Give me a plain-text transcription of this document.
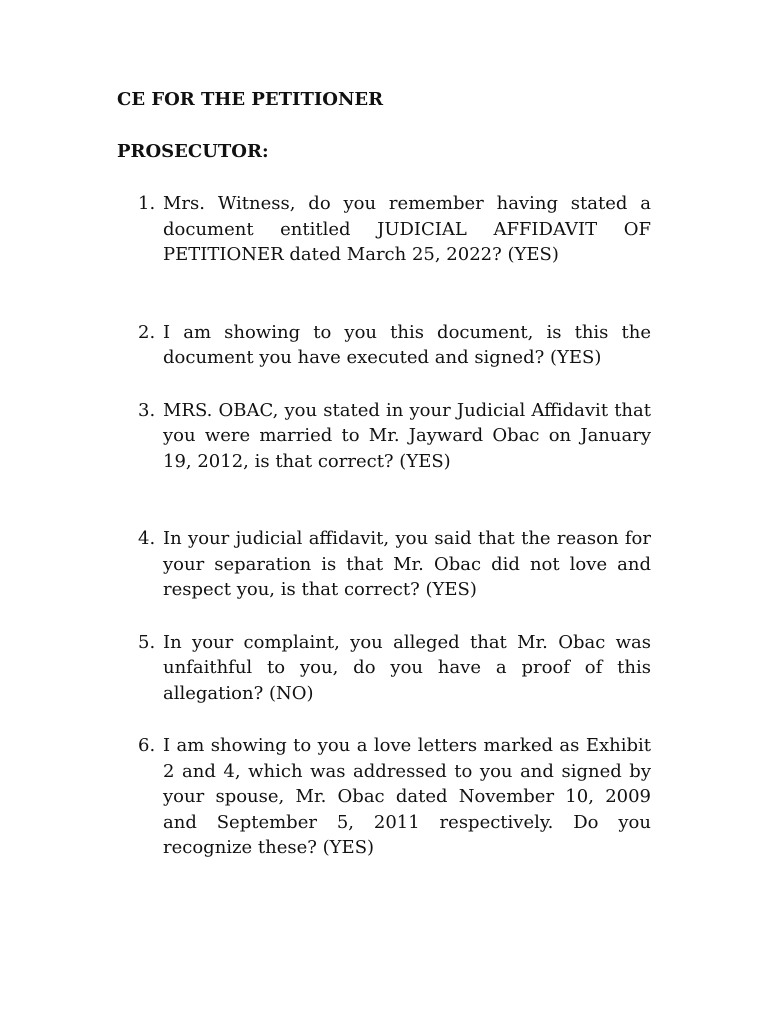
CE FOR THE PETITIONER
PROSECUTOR:
1. Mrs. Witness, do you remember having stated a document entitled JUDICIAL AFFIDAVIT OF PETITIONER dated March 25, 2022? (YES)
2. I am showing to you this document, is this the document you have executed and signed? (YES)
3. MRS. OBAC, you stated in your Judicial Affidavit that you were married to Mr. Jayward Obac on January 19, 2012, is that correct? (YES)
4. In your judicial affidavit, you said that the reason for your separation is that Mr. Obac did not love and respect you, is that correct? (YES)
5. In your complaint, you alleged that Mr. Obac was unfaithful to you, do you have a proof of this allegation? (NO)
6. I am showing to you a love letters marked as Exhibit 2 and 4, which was addressed to you and signed by your spouse, Mr. Obac dated November 10, 2009 and September 5, 2011 respectively. Do you recognize these? (YES)
